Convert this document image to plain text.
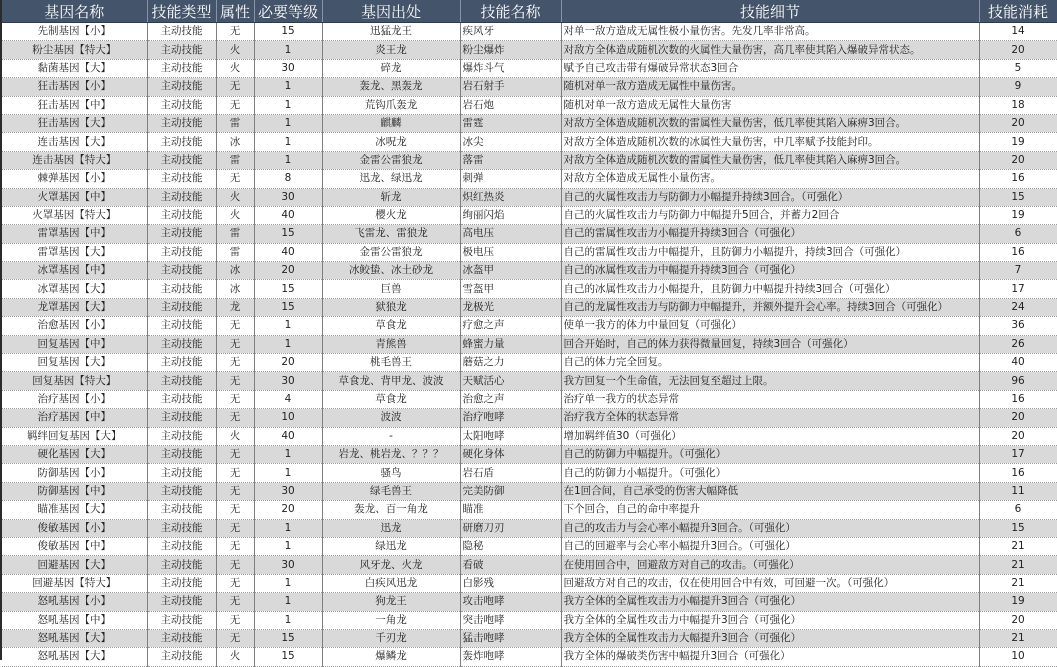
基因名称	技能类型	属性	必要等级	基因出处	技能名称	技能细节	技能消耗
先制基因【小】	主动技能	无	15	迅猛龙王	疾风牙	对单一敌方造成无属性极小量伤害。先发几率非常高。	14
粉尘基因【特大】	主动技能	火	1	炎王龙	粉尘爆炸	对敌方全体造成随机次数的火属性大量伤害，高几率使其陷入爆破异常状态。	20
黏菌基因【大】	主动技能	火	30	碎龙	爆炸斗气	赋予自己攻击带有爆破异常状态3回合	5
狂击基因【小】	主动技能	无	1	轰龙、黑轰龙	岩石射手	随机对单一敌方造成无属性中量伤害。	9
狂击基因【中】	主动技能	无	1	荒钩爪轰龙	岩石炮	随机对单一敌方造成无属性大量伤害	18
狂击基因【大】	主动技能	雷	1	麒麟	雷霆	对敌方全体造成随机次数的雷属性大量伤害，低几率使其陷入麻痹3回合。	20
连击基因【大】	主动技能	冰	1	冰呪龙	冰尖	对敌方全体造成随机次数的冰属性大量伤害，中几率赋予技能封印。	19
连击基因【特大】	主动技能	雷	1	金雷公雷狼龙	落雷	对敌方全体造成随机次数的雷属性大量伤害，低几率使其陷入麻痹3回合。	20
棘弹基因【小】	主动技能	无	8	迅龙、绿迅龙	刺弹	对敌方全体造成无属性小量伤害。	16
火罩基因【中】	主动技能	火	30	斩龙	炽红热炎	自己的火属性攻击力与防御力小幅提升持续3回合。（可强化）	15
火罩基因【特大】	主动技能	火	40	樱火龙	绚丽闪焰	自己的火属性攻击力与防御力中幅提升5回合，并蓄力2回合	19
雷罩基因【中】	主动技能	雷	15	飞雷龙、雷狼龙	高电压	自己的雷属性攻击力小幅提升持续3回合（可强化）	6
雷罩基因【大】	主动技能	雷	40	金雷公雷狼龙	极电压	自己的雷属性攻击力中幅提升，且防御力小幅提升，持续3回合（可强化）	16
冰罩基因【中】	主动技能	冰	20	冰鲛蛰、冰土砂龙	冰盔甲	自己的冰属性攻击力中幅提升持续3回合（可强化）	7
冰罩基因【大】	主动技能	冰	15	巨兽	雪盔甲	自己的冰属性攻击力小幅提升，且防御力中幅提升持续3回合（可强化）	17
龙罩基因【大】	主动技能	龙	15	狱狼龙	龙极光	自己的龙属性攻击力与防御力中幅提升，并额外提升会心率。持续3回合（可强化）	24
治愈基因【小】	主动技能	无	1	草食龙	疗愈之声	使单一我方的体力中量回复（可强化）	36
回复基因【中】	主动技能	无	1	青熊兽	蜂蜜力量	回合开始时，自己的体力获得微量回复，持续3回合（可强化）	26
回复基因【大】	主动技能	无	20	桃毛兽王	蘑菇之力	自己的体力完全回复。	40
回复基因【特大】	主动技能	无	30	草食龙、背甲龙、波波	天赋活心	我方回复一个生命值，无法回复至超过上限。	96
治疗基因【小】	主动技能	无	4	草食龙	治愈之声	治疗单一我方的状态异常	16
治疗基因【中】	主动技能	无	10	波波	治疗咆哮	治疗我方全体的状态异常	20
羁绊回复基因【大】	主动技能	火	40	-	太阳咆哮	增加羁绊值30（可强化）	20
硬化基因【大】	主动技能	无	1	岩龙、桃岩龙、？？？	硬化身体	自己的防御力中幅提升。（可强化）	17
防御基因【小】	主动技能	无	1	骚鸟	岩石盾	自己的防御力小幅提升。（可强化）	16
防御基因【中】	主动技能	无	30	绿毛兽王	完美防御	在1回合间，自己承受的伤害大幅降低	11
瞄准基因【大】	主动技能	无	20	轰龙、百一角龙	瞄准	下个回合，自己的命中率提升	6
俊敏基因【小】	主动技能	无	1	迅龙	研磨刀刃	自己的攻击力与会心率小幅提升3回合。（可强化）	15
俊敏基因【中】	主动技能	无	1	绿迅龙	隐秘	自己的回避率与会心率小幅提升3回合。（可强化）	21
回避基因【大】	主动技能	无	30	风牙龙、火龙	看破	在使用回合中，回避敌方对自己的攻击。（可强化）	21
回避基因【特大】	主动技能	无	1	白疾风迅龙	白影残	回避敌方对自己的攻击，仅在使用回合中有效，可回避一次。（可强化）	21
怒吼基因【小】	主动技能	无	1	狗龙王	攻击咆哮	我方全体的全属性攻击力小幅提升3回合（可强化）	19
怒吼基因【中】	主动技能	无	1	一角龙	突击咆哮	我方全体的全属性攻击力中幅提升3回合（可强化）	20
怒吼基因【大】	主动技能	无	15	千刃龙	猛击咆哮	我方全体的全属性攻击力大幅提升3回合（可强化）	21
怒吼基因【大】	主动技能	火	15	爆鳞龙	轰炸咆哮	我方全体的爆破类伤害中幅提升3回合（可强化）	10
